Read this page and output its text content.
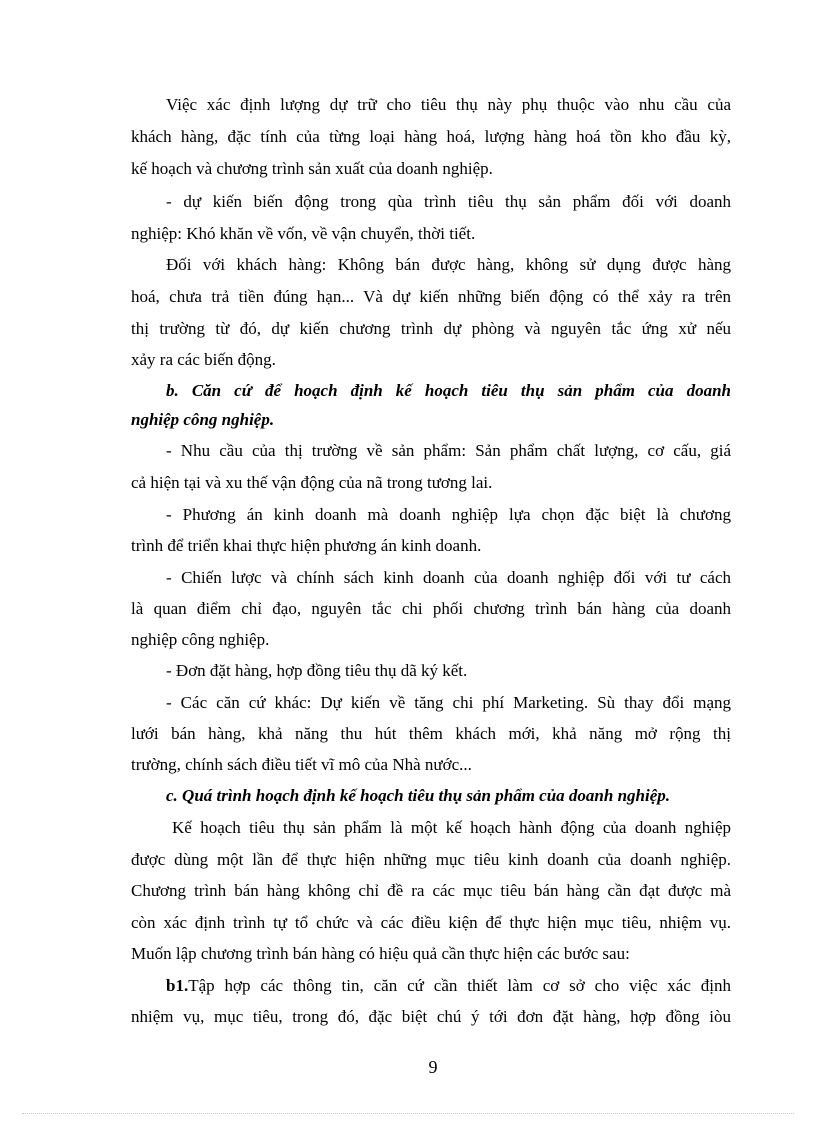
Việc xác định lượng dự trữ cho tiêu thụ này phụ thuộc vào nhu cầu của
khách hàng, đặc tính của từng loại hàng hoá, lượng hàng hoá tồn kho đầu kỳ,
kế hoạch và chương trình sản xuất của doanh nghiệp.
- dự kiến biến động trong qùa trình tiêu thụ sản phẩm đối với doanh
nghiệp: Khó khăn về vốn, về vận chuyển, thời tiết.
Đối với khách hàng: Không bán được hàng, không sử dụng được hàng
hoá, chưa trả tiền đúng hạn... Và dự kiến những biến động có thể xảy ra trên
thị trường từ đó, dự kiến chương trình dự phòng và nguyên tắc ứng xử nếu
xảy ra các biến động.
b. Căn cứ để hoạch định kế hoạch tiêu thụ sản phẩm của doanh
nghiệp công nghiệp.
- Nhu cầu của thị trường về sản phẩm: Sản phẩm chất lượng, cơ cấu, giá
cả hiện tại và xu thế vận động của nã trong tương lai.
- Phương án kinh doanh mà doanh nghiệp lựa chọn đặc biệt là chương
trình để triển khai thực hiện phương án kinh doanh.
- Chiến lược và chính sách kinh doanh của doanh nghiệp đối với tư cách
là quan điểm chỉ đạo, nguyên tắc chi phối chương trình bán hàng của doanh
nghiệp công nghiệp.
- Đơn đặt hàng, hợp đồng tiêu thụ dã ký kết.
- Các căn cứ khác: Dự kiến về tăng chi phí Marketing. Sù thay đổi mạng
lưới bán hàng, khả năng thu hút thêm khách mới, khả năng mở rộng thị
trường, chính sách điều tiết vĩ mô của Nhà nước...
c. Quá trình hoạch định kế hoạch tiêu thụ sản phẩm của doanh nghiệp.
Kế hoạch tiêu thụ sản phẩm là một kế hoạch hành động của doanh nghiệp
được dùng một lần để thực hiện những mục tiêu kinh doanh của doanh nghiệp.
Chương trình bán hàng không chỉ đề ra các mục tiêu bán hàng cần đạt được mà
còn xác định trình tự tổ chức và các điều kiện để thực hiện mục tiêu, nhiệm vụ.
Muốn lập chương trình bán hàng có hiệu quả cần thực hiện các bước sau:
b1.Tập hợp các thông tin, căn cứ cần thiết làm cơ sở cho việc xác định
nhiệm vụ, mục tiêu, trong đó, đặc biệt chú ý tới đơn đặt hàng, hợp đồng iòu
9
